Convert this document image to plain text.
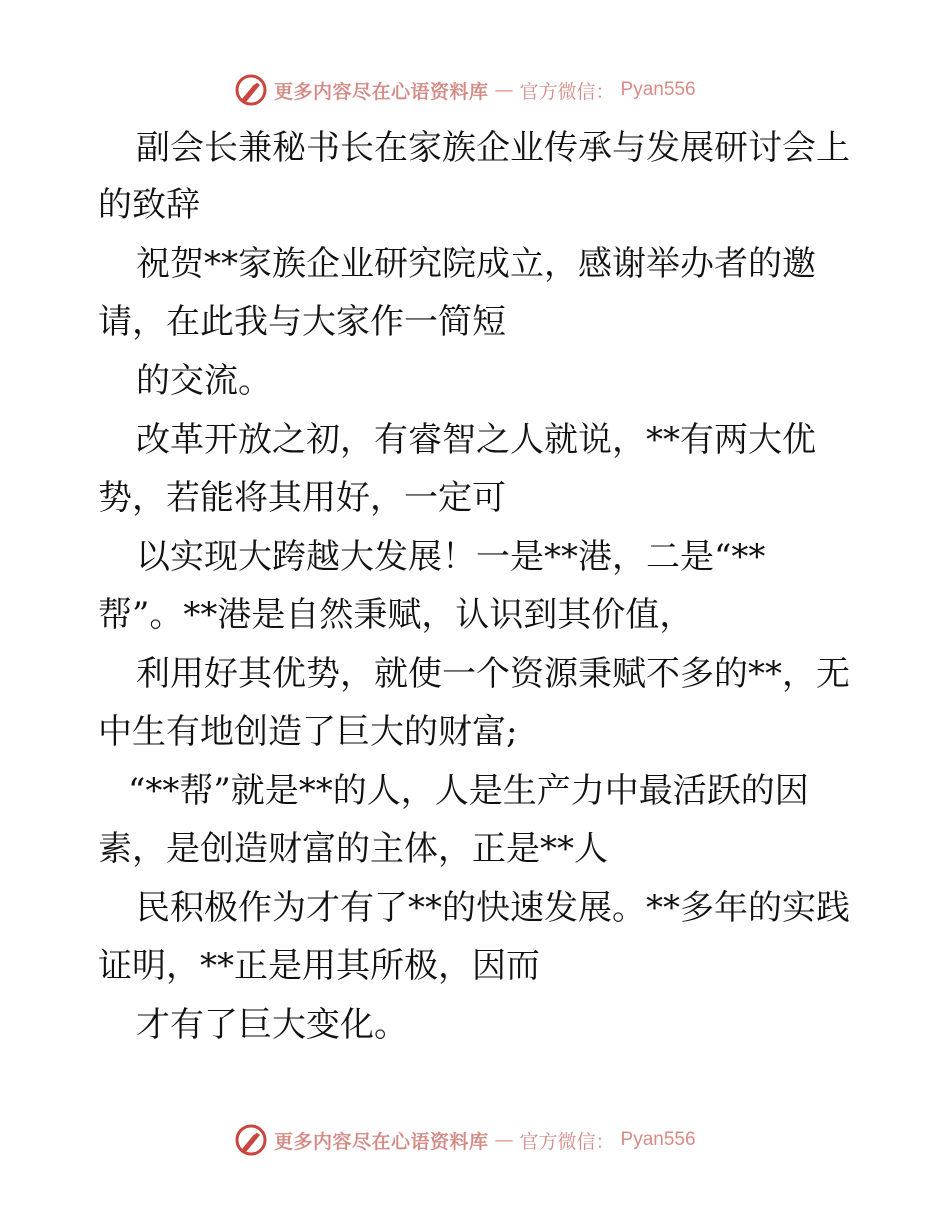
更多内容尽在心语资料库 — 官方微信： Pyan556
副会长兼秘书长在家族企业传承与发展研讨会上
的致辞
祝贺**家族企业研究院成立，感谢举办者的邀
请，在此我与大家作一简短
的交流。
改革开放之初，有睿智之人就说，**有两大优
势，若能将其用好，一定可
以实现大跨越大发展！一是**港，二是“**
帮”。**港是自然秉赋，认识到其价值，
利用好其优势，就使一个资源秉赋不多的**，无
中生有地创造了巨大的财富;
“**帮”就是**的人，人是生产力中最活跃的因
素，是创造财富的主体，正是**人
民积极作为才有了**的快速发展。**多年的实践
证明，**正是用其所极，因而
才有了巨大变化。
更多内容尽在心语资料库 — 官方微信： Pyan556
